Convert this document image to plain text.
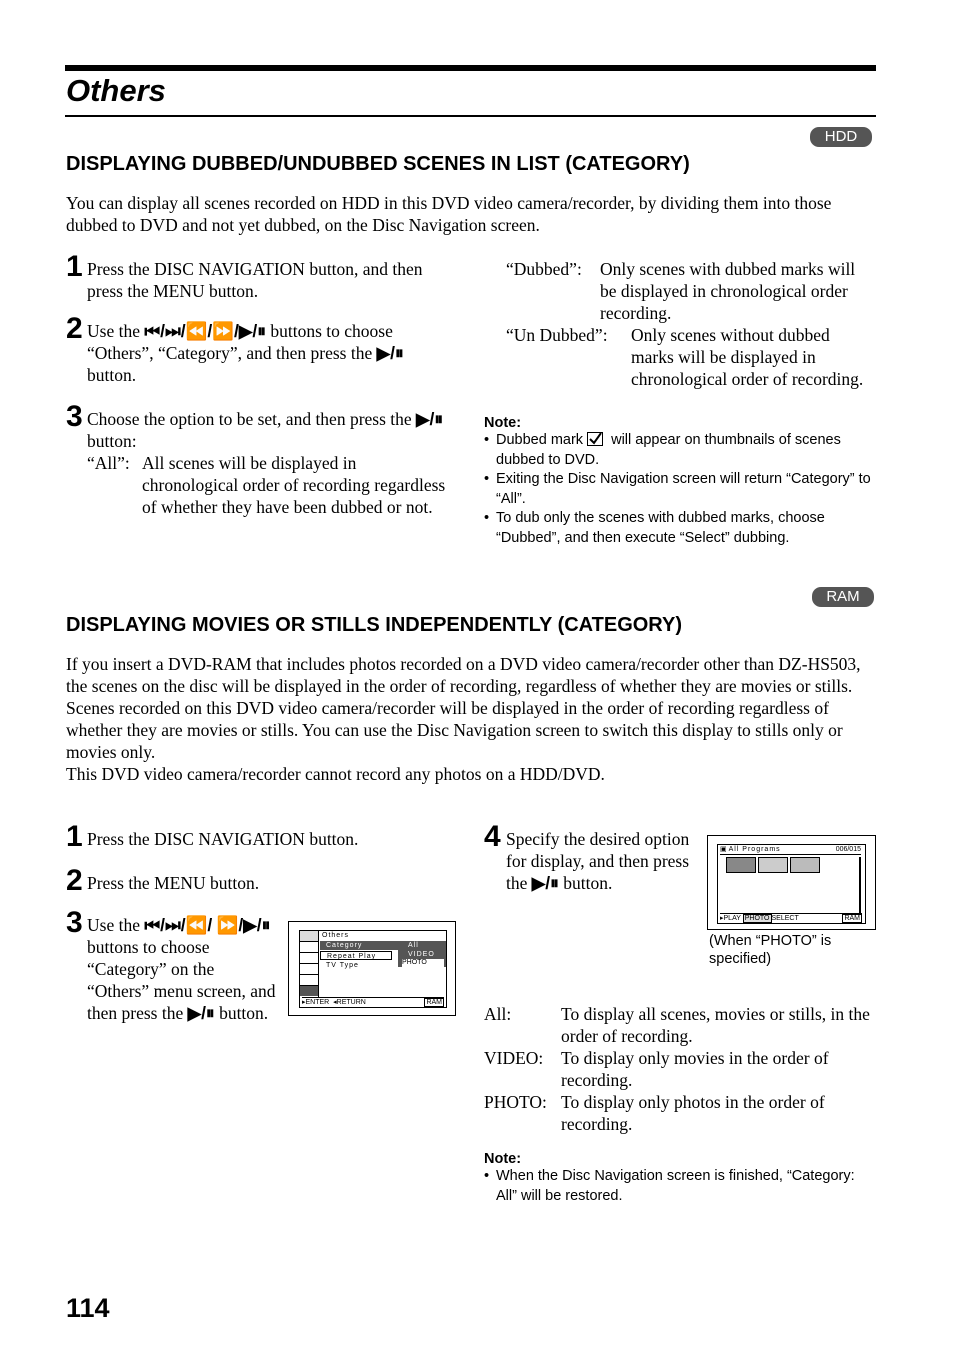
Others
HDD
DISPLAYING DUBBED/UNDUBBED SCENES IN LIST (CATEGORY)
You can display all scenes recorded on HDD in this DVD video camera/recorder, by dividing them into those dubbed to DVD and not yet dubbed, on the Disc Navigation screen.
1 Press the DISC NAVIGATION button, and then press the MENU button.
2 Use the ⏮/⏭/⏪/⏩/▶/⏸ buttons to choose “Others”, “Category”, and then press the ▶/⏸ button.
3 Choose the option to be set, and then press the ▶/⏸ button:
“All”: All scenes will be displayed in chronological order of recording regardless of whether they have been dubbed or not.
“Dubbed”:	Only scenes with dubbed marks will be displayed in chronological order recording.
“Un Dubbed”:	Only scenes without dubbed marks will be displayed in chronological order of recording.
Note:
• Dubbed mark
will appear on thumbnails of scenes dubbed to DVD.
• Exiting the Disc Navigation screen will return “Category” to “All”.
• To dub only the scenes with dubbed marks, choose “Dubbed”, and then execute “Select” dubbing.
RAM
DISPLAYING MOVIES OR STILLS INDEPENDENTLY (CATEGORY)
If you insert a DVD-RAM that includes photos recorded on a DVD video camera/recorder other than DZ-HS503, the scenes on the disc will be displayed in the order of recording, regardless of whether they are movies or stills.
Scenes recorded on this DVD video camera/recorder will be displayed in the order of recording regardless of whether they are movies or stills. You can use the Disc Navigation screen to switch this display to stills only or movies only.
This DVD video camera/recorder cannot record any photos on a HDD/DVD.
1 Press the DISC NAVIGATION button.
2 Press the MENU button.
3 Use the ⏮/⏭/⏪/ ⏩/▶/⏸ buttons to choose “Category” on the “Others” menu screen, and then press the ▶/⏸ button.
Others
Category
Repeat Play
TV Type
All
VIDEO
PHOTO
▸ENTER ◂RETURN	RAM
4 Specify the desired option for display, and then press the ▶/⏸ button.
▣ All Programs	006/015
▸PLAY PHOTO SELECT	RAM
(When “PHOTO” is specified)
All:	To display all scenes, movies or stills, in the order of recording.
VIDEO:	To display only movies in the order of recording.
PHOTO: To display only photos in the order of recording.
Note:
• When the Disc Navigation screen is finished, “Category: All” will be restored.
114
